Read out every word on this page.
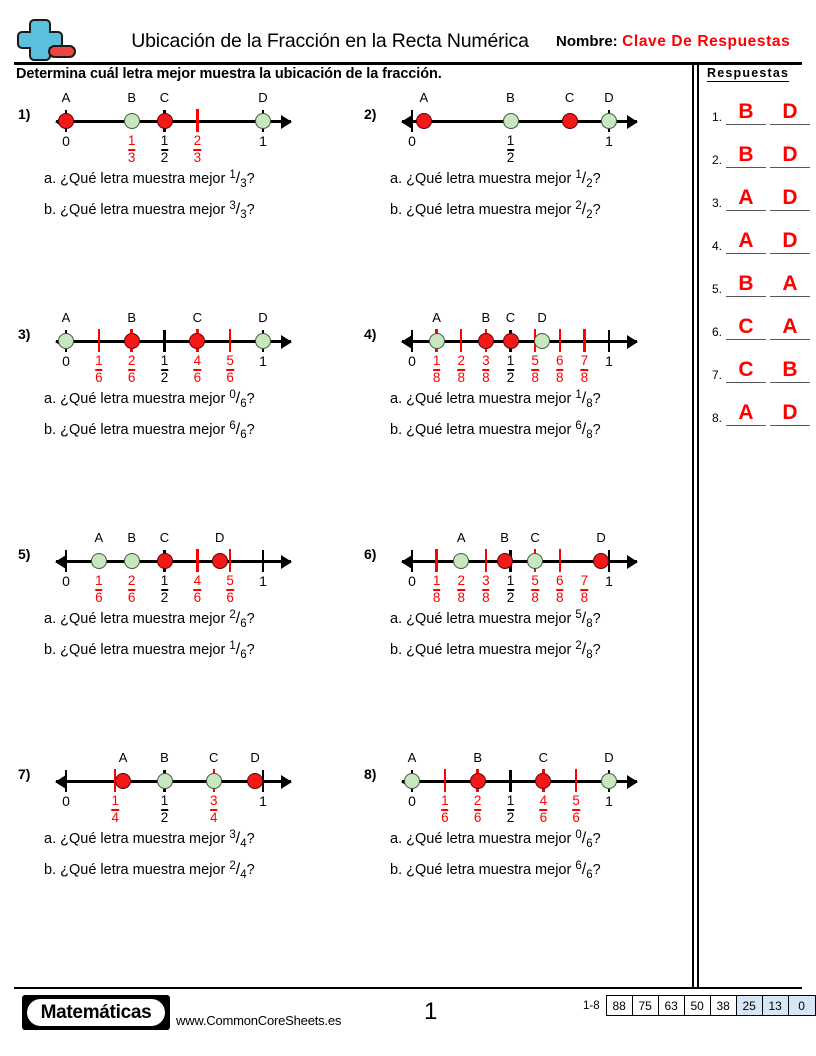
Ubicación de la Fracción en la Recta Numérica	Nombre: Clave De Respuestas
Determina cuál letra mejor muestra la ubicación de la fracción.	Respuestas
1. B	D
2. B	D
3. A	D
4. A	D
5. B	A
6. C	A
7. C	B
8. A	D
1)
0	$\frac{1}{3} \frac{1}{2} \frac{2}{3}$	1
A	B C	D
a. ¿Qué letra muestra mejor $^1/_3$?
b. ¿Qué letra muestra mejor $^3/_3$?
2)
0	$\frac{1}{2}$	1
A	B	C D
a. ¿Qué letra muestra mejor $^1/_2$?
b. ¿Qué letra muestra mejor $^2/_2$?
3)
$0 \frac{1}{6} \frac{2}{6} \frac{1}{2} \frac{4}{6} \frac{5}{6} 1$
A	B	C	D
a. ¿Qué letra muestra mejor $^0/_6$?
b. ¿Qué letra muestra mejor $^6/_6$?
4)
$0 \frac{1}{8} \frac{2}{8} \frac{3}{8} \frac{1}{2} \frac{5}{8} \frac{6}{8} \frac{7}{8} 1$
A	B C D
a. ¿Qué letra muestra mejor $^1/_8$?
b. ¿Qué letra muestra mejor $^6/_8$?
5)
$0 \frac{1}{6} \frac{2}{6} \frac{1}{2} \frac{4}{6} \frac{5}{6} 1$
A B C	D
a. ¿Qué letra muestra mejor $^2/_6$?
b. ¿Qué letra muestra mejor $^1/_6$?
6)
$0 \frac{1}{8} \frac{2}{8} \frac{3}{8} \frac{1}{2} \frac{5}{8} \frac{6}{8} \frac{7}{8} 1$
A	B C	D
a. ¿Qué letra muestra mejor $^5/_8$?
b. ¿Qué letra muestra mejor $^2/_8$?
7)
0	$\frac{1}{4}$	$\frac{1}{2}$	$\frac{3}{4}$	1
A	B	C D
a. ¿Qué letra muestra mejor $^3/_4$?
b. ¿Qué letra muestra mejor $^2/_4$?
8)
$0 \frac{1}{6} \frac{2}{6} \frac{1}{2} \frac{4}{6} \frac{5}{6} 1$
A	B	C	D
a. ¿Qué letra muestra mejor $^0/_6$?
b. ¿Qué letra muestra mejor $^6/_6$?
Matemáticas	www.CommonCoreSheets.es	1	1-8	88	75	63	50	38	25	13	0
